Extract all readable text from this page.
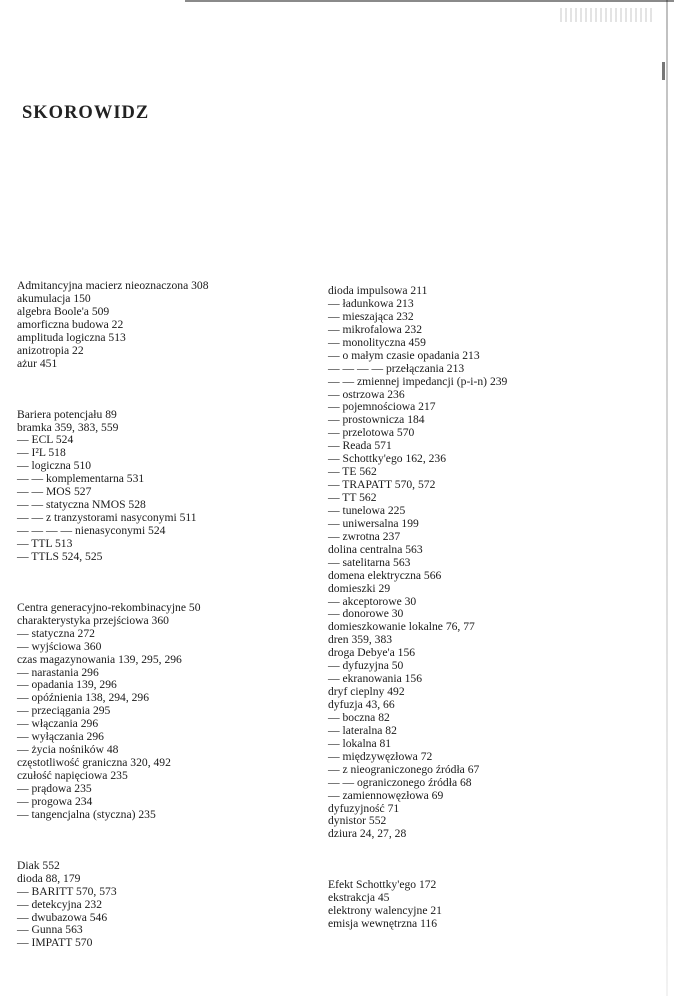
SKOROWIDZ
Admitancyjna macierz nieoznaczona 308
akumulacja 150
algebra Boole'a 509
amorficzna budowa 22
amplituda logiczna 513
anizotropia 22
ażur 451
Bariera potencjału 89
bramka 359, 383, 559
— ECL 524
— I²L 518
— logiczna 510
— — komplementarna 531
— — MOS 527
— — statyczna NMOS 528
— — z tranzystorami nasyconymi 511
— — — — nienasyconymi 524
— TTL 513
— TTLS 524, 525
Centra generacyjno-rekombinacyjne 50
charakterystyka przejściowa 360
— statyczna 272
— wyjściowa 360
czas magazynowania 139, 295, 296
— narastania 296
— opadania 139, 296
— opóźnienia 138, 294, 296
— przeciągania 295
— włączania 296
— wyłączania 296
— życia nośników 48
częstotliwość graniczna 320, 492
czułość napięciowa 235
— prądowa 235
— progowa 234
— tangencjalna (styczna) 235
Diak 552
dioda 88, 179
— BARITT 570, 573
— detekcyjna 232
— dwubazowa 546
— Gunna 563
— IMPATT 570
dioda impulsowa 211
— ładunkowa 213
— mieszająca 232
— mikrofalowa 232
— monolityczna 459
— o małym czasie opadania 213
— — — — przełączania 213
— — zmiennej impedancji (p-i-n) 239
— ostrzowa 236
— pojemnościowa 217
— prostownicza 184
— przelotowa 570
— Reada 571
— Schottky'ego 162, 236
— TE 562
— TRAPATT 570, 572
— TT 562
— tunelowa 225
— uniwersalna 199
— zwrotna 237
dolina centralna 563
— satelitarna 563
domena elektryczna 566
domieszki 29
— akceptorowe 30
— donorowe 30
domieszkowanie lokalne 76, 77
dren 359, 383
droga Debye'a 156
— dyfuzyjna 50
— ekranowania 156
dryf cieplny 492
dyfuzja 43, 66
— boczna 82
— lateralna 82
— lokalna 81
— międzywęzłowa 72
— z nieograniczonego źródła 67
— — ograniczonego źródła 68
— zamiennowęzłowa 69
dyfuzyjność 71
dynistor 552
dziura 24, 27, 28
Efekt Schottky'ego 172
ekstrakcja 45
elektrony walencyjne 21
emisja wewnętrzna 116
